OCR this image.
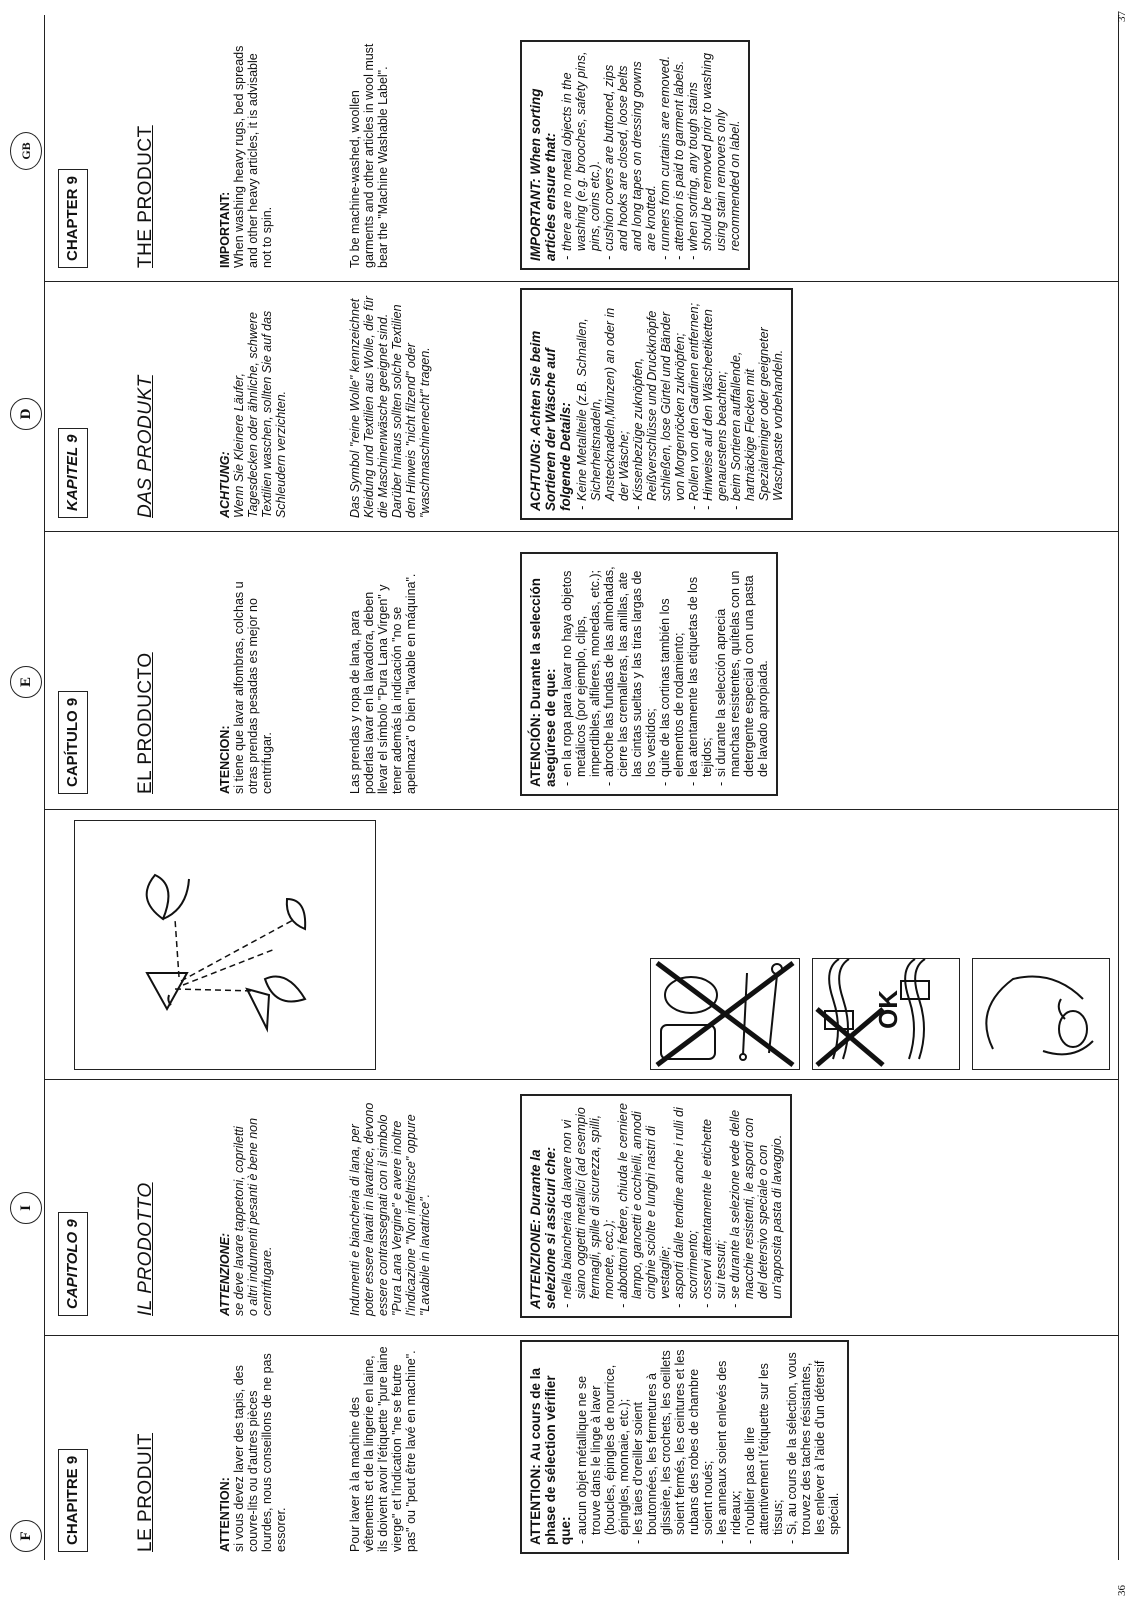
F	CHAPITRE 9	LE PRODUIT	ATTENTION:
si vous devez laver des tapis, des couvre-lits ou d'autres pièces lourdes, nous conseillons de ne pas essorer.	Pour laver à la machine des vêtements et de la lingerie en laine, ils doivent avoir l'étiquette "pure laine vierge" et l'indication "ne se feutre pas" ou "peut être lavé en machine".	ATTENTION: Au cours de la phase de sélection vérifier que: - aucun objet métallique ne se trouve dans le linge à laver (boucles, épingles de nourrice, épingles, monnaie, etc.); - les taies d'oreiller soient boutonnées, les fermetures à glissière, les crochets, les oeillets soient fermés, les ceintures et les rubans des robes de chambre soient noués; - les anneaux soient enlevés des rideaux; - n'oublier pas de lire attentivement l'étiquette sur les tissus; - Si, au cours de la sélection, vous trouvez des taches résistantes, les enlever à l'aide d'un détersif spécial.
I
CAPITOLO 9	IL PRODOTTO	ATTENZIONE:
se deve lavare tappetoni, copriletti o altri indumenti pesanti è bene non centrifugare.	Indumenti e biancheria di lana, per poter essere lavati in lavatrice, devono essere contrassegnati con il simbolo "Pura Lana Vergine" e avere inoltre l'indicazione "Non infeltrisce" oppure "Lavabile in lavatrice".	ATTENZIONE: Durante la selezione si assicuri che: - nella biancheria da lavare non vi siano oggetti metallici (ad esempio fermagli, spille di sicurezza, spilli, monete, ecc.); - abbottoni federe, chiuda le cerniere lampo, gancetti e occhielli, annodi cinghie sciolte e lunghi nastri di vestaglie; - asporti dalle tendine anche i rulli di scorrimento; - osservi attentamente le etichette sui tessuti; - se durante la selezione vede delle macchie resistenti, le asporti con del detersivo speciale o con un'apposita pasta di lavaggio.
OK
E
CAPÍTULO 9	EL PRODUCTO	ATENCION:
si tiene que lavar alfombras, colchas u otras prendas pesadas es mejor no centrifugar.	Las prendas y ropa de lana, para poderlas lavar en la lavadora, deben llevar el símbolo "Pura Lana Virgen" y tener además la indicación "no se apelmaza" o bien "lavable en máquina".	ATENCIÓN: Durante la selección asegúrese de que: - en la ropa para lavar no haya objetos metálicos (por ejemplo, clips, imperdibles, alfileres, monedas, etc.); - abroche las fundas de las almohadas, cierre las cremalleras, las anillas, ate las cintas sueltas y las tiras largas de los vestidos; - quite de las cortinas también los elementos de rodamiento; - lea atentamente las etiquetas de los tejidos; - si durante la selección aprecia manchas resistentes, quítelas con un detergente especial o con una pasta de lavado apropiada.
D
KAPITEL 9	DAS PRODUKT	ACHTUNG:
Wenn Sie Kleinere Läufer, Tagesdecken oder ähnliche, schwere Textilien waschen, sollten Sie auf das Schleudern verzichten.	Das Symbol "reine Wolle" kennzeichnet Kleidung und Textilien aus Wolle, die für die Maschinenwäsche geeignet sind. Darüber hinaus sollten solche Textilien den Hinweis "nicht filzend" oder "waschmaschinenecht" tragen.	ACHTUNG: Achten Sie beim Sortieren der Wäsche auf folgende Details: - Keine Metallteile (z.B. Schnallen, Sicherheitsnadeln, Anstecknadeln,Münzen) an oder in der Wäsche; - Kissenbezüge zuknöpfen, Reißverschlüsse und Druckknöpfe schließen, lose Gürtel und Bänder von Morgenröcken zuknöpfen; - Rollen von den Gardinen entfernen; - Hinweise auf den Wäscheetiketten genauestens beachten; - beim Sortieren auffallende, hartnäckige Flecken mit Spezialreiniger oder geeigneter Waschpaste vorbehandeln.
GB
CHAPTER 9	THE PRODUCT	IMPORTANT:
When washing heavy rugs, bed spreads and other heavy articles, it is advisable not to spin.	To be machine-washed, woollen garments and other articles in wool must bear the "Machine Washable Label".	IMPORTANT: When sorting articles ensure that: - there are no metal objects in the washing (e.g. brooches, safety pins, pins, coins etc.). - cushion covers are buttoned, zips and hooks are closed, loose belts and long tapes on dressing gowns are knotted. - runners from curtains are removed. - attention is paid to garment labels. - when sorting, any tough stains should be removed prior to washing using stain removers only recommended on label.
36
37
